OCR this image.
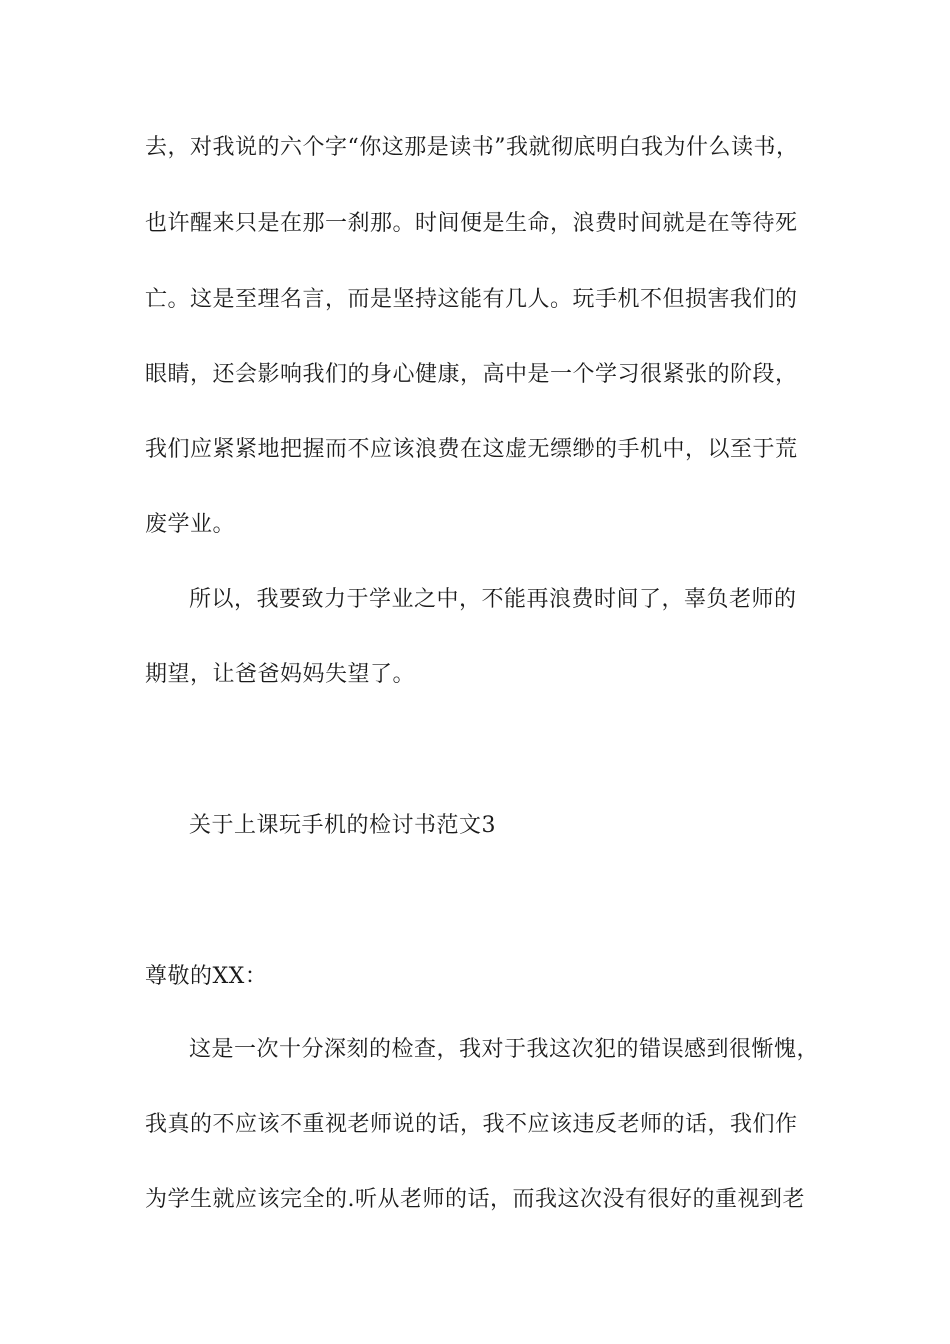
去，对我说的六个字“你这那是读书”我就彻底明白我为什么读书，
也许醒来只是在那一刹那。时间便是生命，浪费时间就是在等待死
亡。这是至理名言，而是坚持这能有几人。玩手机不但损害我们的
眼睛，还会影响我们的身心健康，高中是一个学习很紧张的阶段，
我们应紧紧地把握而不应该浪费在这虚无缥缈的手机中，以至于荒
废学业。
所以，我要致力于学业之中，不能再浪费时间了，辜负老师的
期望，让爸爸妈妈失望了。
关于上课玩手机的检讨书范文3
尊敬的XX：
这是一次十分深刻的检查，我对于我这次犯的错误感到很惭愧，
我真的不应该不重视老师说的话，我不应该违反老师的话，我们作
为学生就应该完全的.听从老师的话，而我这次没有很好的重视到老
